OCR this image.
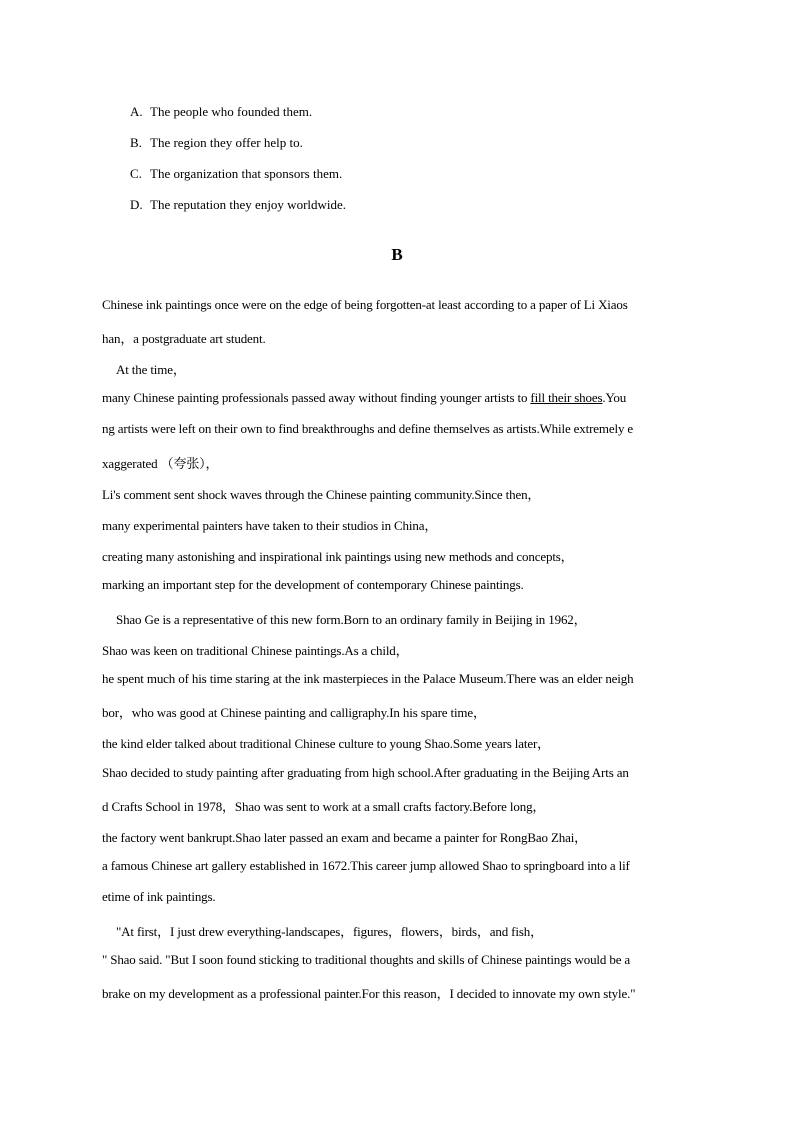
A. The people who founded them.
B. The region they offer help to.
C. The organization that sponsors them.
D. The reputation they enjoy worldwide.
B
Chinese ink paintings once were on the edge of being forgotten-at least according to a paper of Li Xiaos
han，a postgraduate art student.
At the time，
many Chinese painting professionals passed away without finding younger artists to fill their shoes.You
ng artists were left on their own to find breakthroughs and define themselves as artists.While extremely e
xaggerated （夸张），
Li's comment sent shock waves through the Chinese painting community.Since then，
many experimental painters have taken to their studios in China，
creating many astonishing and inspirational ink paintings using new methods and concepts，
marking an important step for the development of contemporary Chinese paintings.
Shao Ge is a representative of this new form.Born to an ordinary family in Beijing in 1962，
Shao was keen on traditional Chinese paintings.As a child，
he spent much of his time staring at the ink masterpieces in the Palace Museum.There was an elder neigh
bor，who was good at Chinese painting and calligraphy.In his spare time，
the kind elder talked about traditional Chinese culture to young Shao.Some years later，
Shao decided to study painting after graduating from high school.After graduating in the Beijing Arts an
d Crafts School in 1978，Shao was sent to work at a small crafts factory.Before long，
the factory went bankrupt.Shao later passed an exam and became a painter for RongBao Zhai，
a famous Chinese art gallery established in 1672.This career jump allowed Shao to springboard into a lif
etime of ink paintings.
"At first，I just drew everything-landscapes，figures，flowers，birds，and fish，
" Shao said. "But I soon found sticking to traditional thoughts and skills of Chinese paintings would be a
brake on my development as a professional painter.For this reason，I decided to innovate my own style."
